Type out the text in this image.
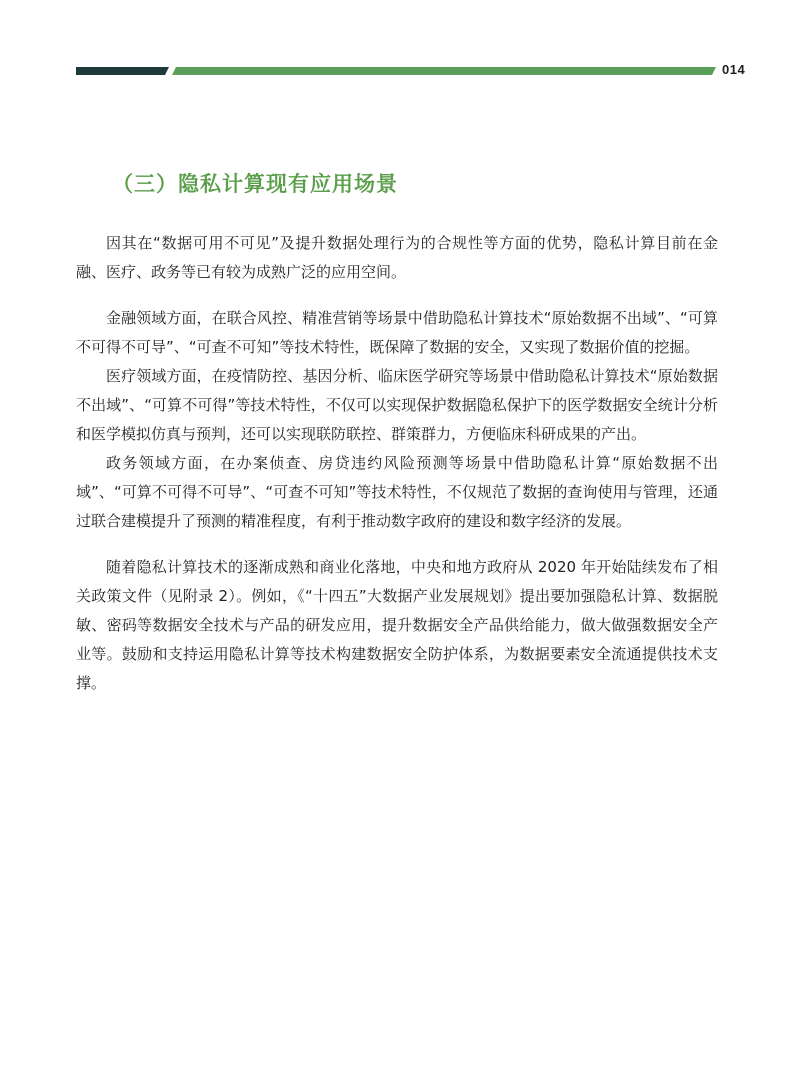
014
（三）隐私计算现有应用场景

因其在“数据可用不可见”及提升数据处理行为的合规性等方面的优势，隐私计算目前在金融、医疗、政务等已有较为成熟广泛的应用空间。

金融领域方面，在联合风控、精准营销等场景中借助隐私计算技术“原始数据不出域”、“可算不可得不可导”、“可查不可知”等技术特性，既保障了数据的安全，又实现了数据价值的挖掘。

医疗领域方面，在疫情防控、基因分析、临床医学研究等场景中借助隐私计算技术“原始数据不出域”、“可算不可得”等技术特性，不仅可以实现保护数据隐私保护下的医学数据安全统计分析和医学模拟仿真与预判，还可以实现联防联控、群策群力，方便临床科研成果的产出。

政务领域方面，在办案侦查、房贷违约风险预测等场景中借助隐私计算“原始数据不出域”、“可算不可得不可导”、“可查不可知”等技术特性，不仅规范了数据的查询使用与管理，还通过联合建模提升了预测的精准程度，有利于推动数字政府的建设和数字经济的发展。

随着隐私计算技术的逐渐成熟和商业化落地，中央和地方政府从 2020 年开始陆续发布了相关政策文件（见附录 2）。例如，《“十四五”大数据产业发展规划》提出要加强隐私计算、数据脱敏、密码等数据安全技术与产品的研发应用，提升数据安全产品供给能力，做大做强数据安全产业等。鼓励和支持运用隐私计算等技术构建数据安全防护体系，为数据要素安全流通提供技术支撑。
